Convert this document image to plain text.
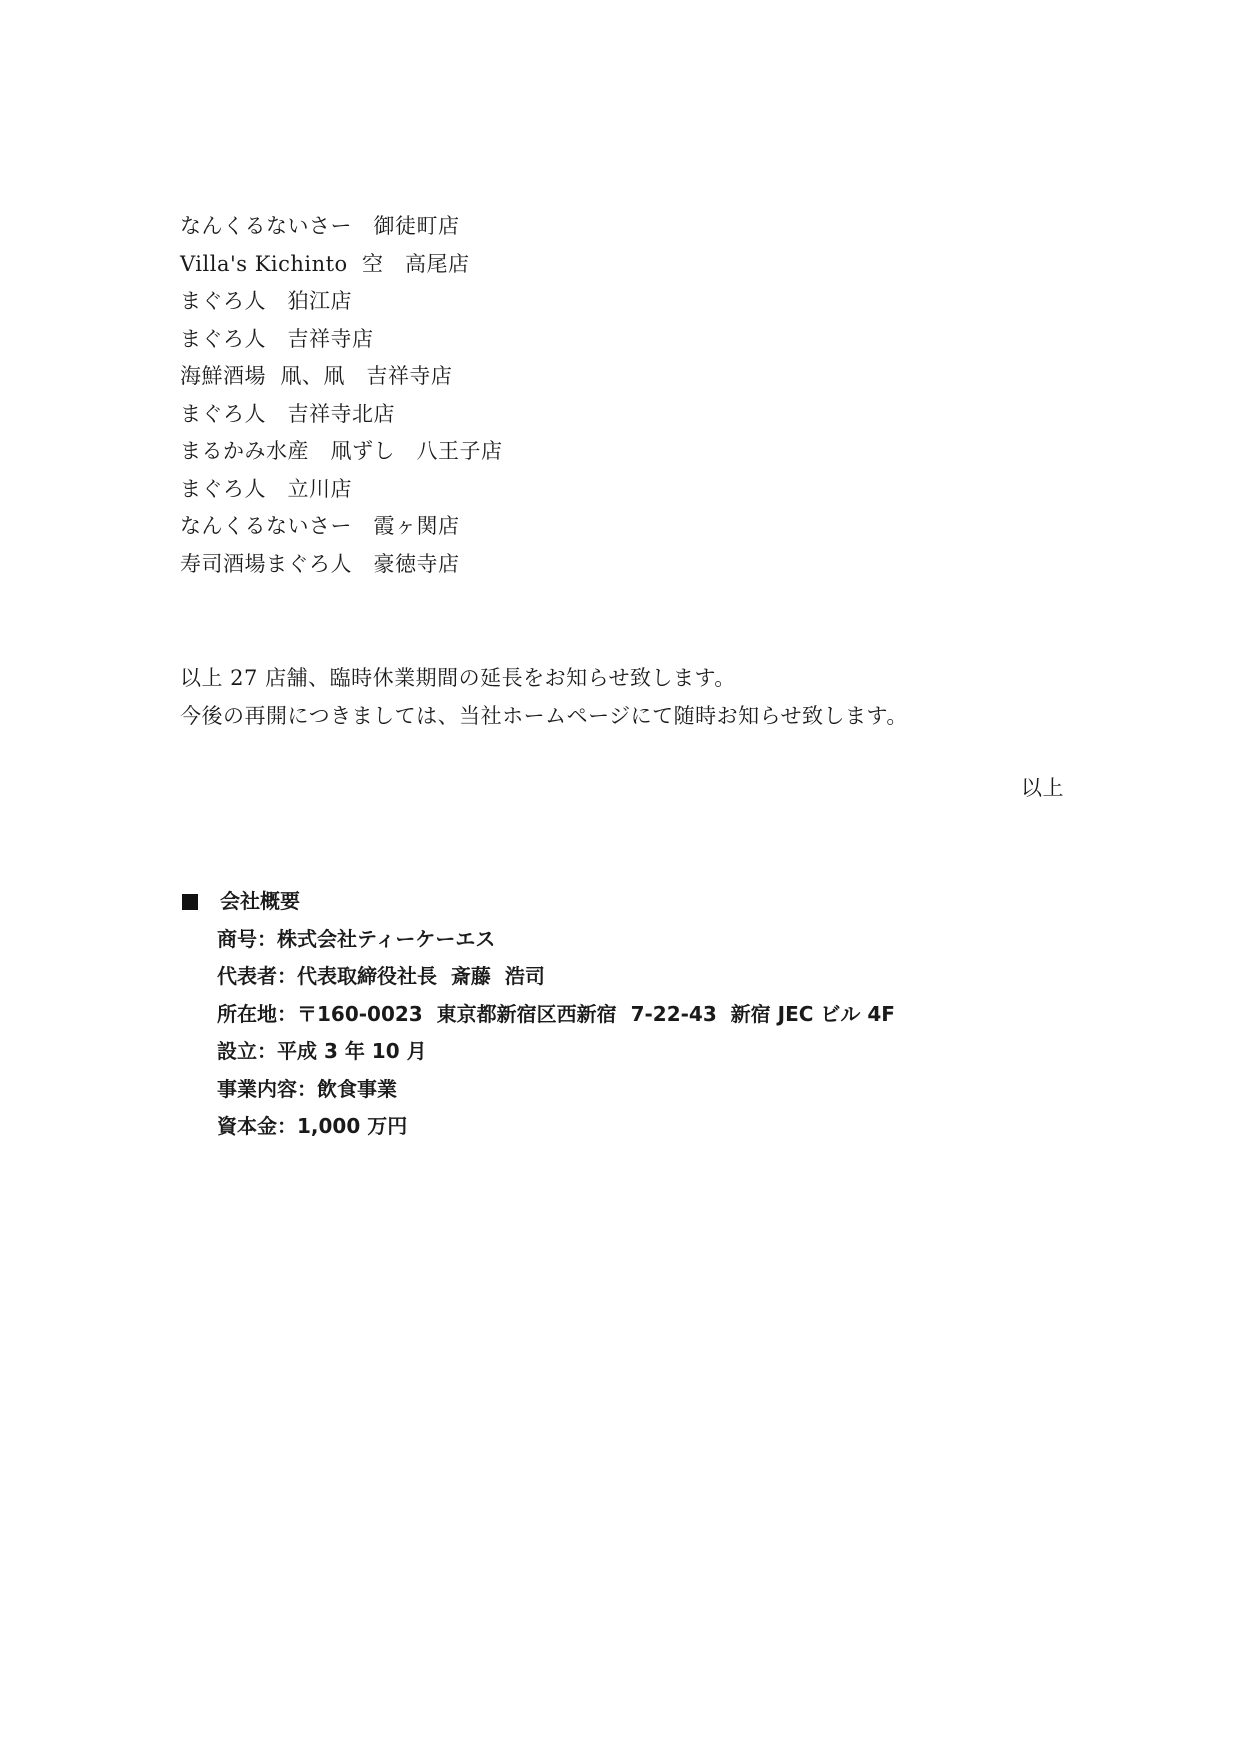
なんくるないさー　御徒町店
Villa's Kichinto  空　高尾店
まぐろ人　狛江店
まぐろ人　吉祥寺店
海鮮酒場  凧、凧　吉祥寺店
まぐろ人　吉祥寺北店
まるかみ水産　凧ずし　八王子店
まぐろ人　立川店
なんくるないさー　霞ヶ関店
寿司酒場まぐろ人　豪徳寺店

以上 27 店舗、臨時休業期間の延長をお知らせ致します。

今後の再開につきましては、当社ホームページにて随時お知らせ致します。

以上
会社概要
商号：株式会社ティーケーエス
代表者：代表取締役社長  斎藤  浩司
所在地：〒160-0023  東京都新宿区西新宿  7-22-43  新宿 JEC ビル 4F
設立：平成 3 年 10 月
事業内容：飲食事業
資本金：1,000 万円
